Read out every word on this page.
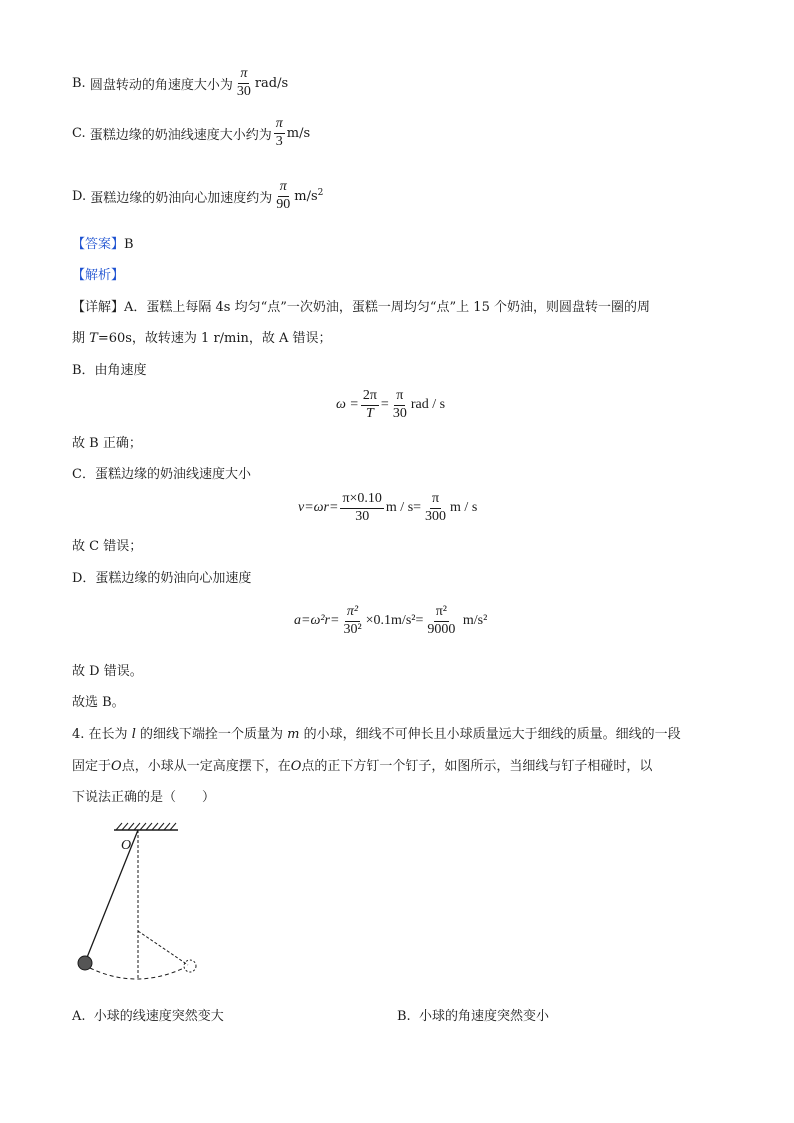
B.
圆盘转动的角速度大小为 $\frac{\pi}{30} rad/s$
C.
蛋糕边缘的奶油线速度大小约为 $\frac{\pi}{3} m/s$
D.
蛋糕边缘的奶油向心加速度约为 $\frac{\pi}{90} m/s^2$
【答案】B
【解析】
【详解】A．蛋糕上每隔 4s 均匀“点”一次奶油，蛋糕一周均匀“点”上 15 个奶油，则圆盘转一圈的周
期 T=60s，故转速为 1 r/min，故 A 错误；
B．由角速度
$\omega = \frac{2\pi}{T} = \frac{\pi}{30}$ rad / s
故 B 正确；
C．蛋糕边缘的奶油线速度大小
$v=\omega r= \frac{\pi\times 0.10}{30}$ $m / s= \frac{\pi}{300}$ m / s
故 C 错误；
D．蛋糕边缘的奶油向心加速度
$a=\omega^2r= \frac{\text{π²}}{\text{30²}} \times 0.1m/s^2= \frac{\text{π²}}{9000}$
m/s²
故 D 错误。
故选 B。
4. 在长为 l 的细线下端拴一个质量为 m 的小球，细线不可伸长且小球质量远大于细线的质量。细线的一段
固定于O点，小球从一定高度摆下，在O点的正下方钉一个钉子，如图所示，当细线与钉子相碰时，以
下说法正确的是（　　）
O
A. 小球的线速度突然变大	B. 小球的角速度突然变小
